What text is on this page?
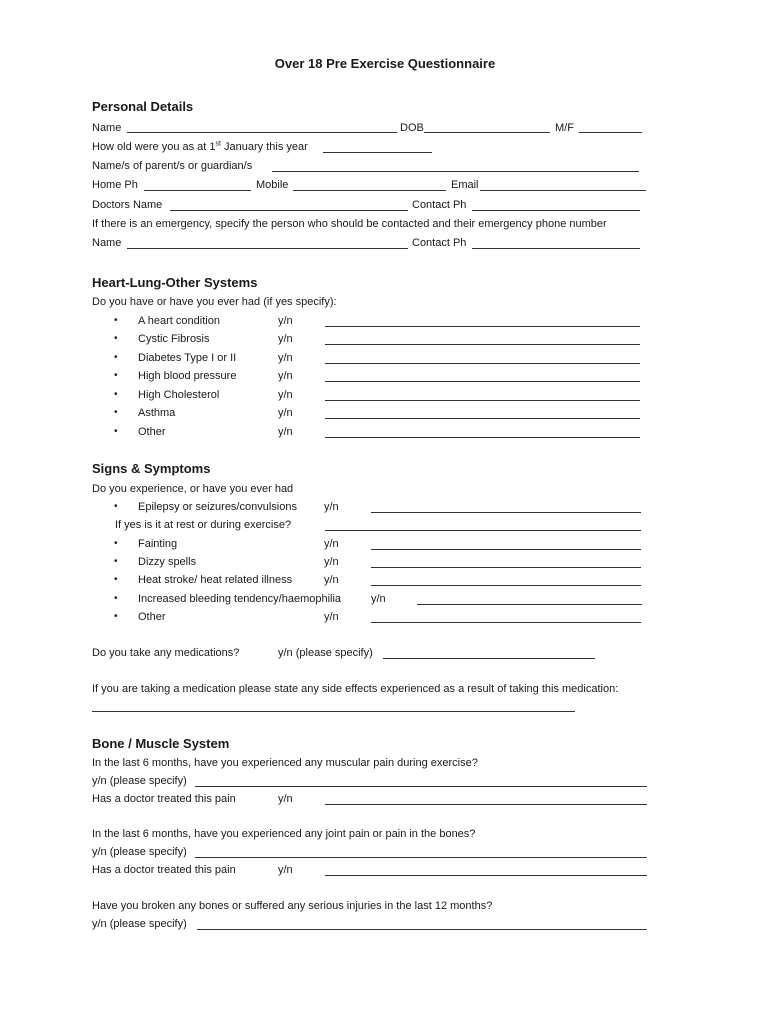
Over 18 Pre Exercise Questionnaire
Personal Details
Name	DOB	M/F
How old were you as at 1st January this year
Name/s of parent/s or guardian/s
Home Ph	Mobile	Email
Doctors Name	Contact Ph
If there is an emergency, specify the person who should be contacted and their emergency phone number
Name	Contact Ph
Heart-Lung-Other Systems
Do you have or have you ever had (if yes specify):
• A heart condition	y/n
• Cystic Fibrosis	y/n
• Diabetes Type I or II	y/n
• High blood pressure	y/n
• High Cholesterol	y/n
• Asthma	y/n
• Other	y/n
Signs & Symptoms
Do you experience, or have you ever had
• Epilepsy or seizures/convulsions y/n
If yes is it at rest or during exercise?
• Fainting	y/n
• Dizzy spells	y/n
• Heat stroke/ heat related illness	y/n
• Increased bleeding tendency/haemophilia	y/n
• Other	y/n
Do you take any medications?	y/n (please specify)
If you are taking a medication please state any side effects experienced as a result of taking this medication:
Bone / Muscle System
In the last 6 months, have you experienced any muscular pain during exercise?
y/n (please specify)
Has a doctor treated this pain	y/n
In the last 6 months, have you experienced any joint pain or pain in the bones?
y/n (please specify)
Has a doctor treated this pain	y/n
Have you broken any bones or suffered any serious injuries in the last 12 months?
y/n (please specify)
